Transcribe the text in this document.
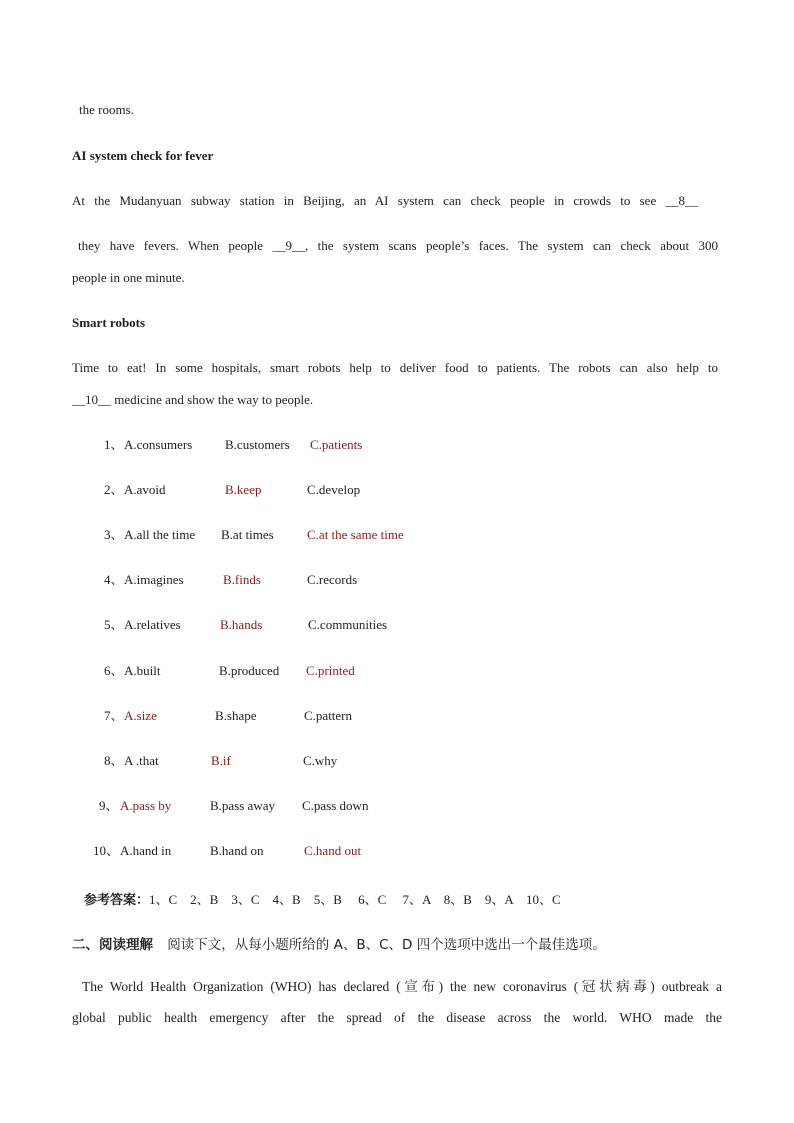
the rooms.
AI system check for fever
At the Mudanyuan subway station in Beijing, an AI system can check people in crowds to see __8__
they have fevers. When people __9__, the system scans people’s faces. The system can check about 300
people in one minute.
Smart robots
Time to eat! In some hospitals, smart robots help to deliver food to patients. The robots can also help to
__10__ medicine and show the way to people.
1、 A.consumers	B.customers C.patients
2、 A.avoid	B.keep	C.develop
3、 A.all the time B.at times	C.at the same time
4、 A.imagines	B.finds	C.records
5、 A.relatives	B.hands	C.communities
6、 A.built	B.produced C.printed
7、 A.size	B.shape	C.pattern
8、 A .that	B.if	C.why
9、 A.pass by	B.pass away C.pass down
10、 A.hand in	B.hand on	C.hand out
参考答案：1、C    2、B    3、C    4、B    5、B     6、C     7、A    8、B    9、A    10、C
二、阅读理解 阅读下文，从每小题所给的 A、B、C、D 四个选项中选出一个最佳选项。
The World Health Organization (WHO) has declared (宣布) the new coronavirus (冠状病毒) outbreak a
global public health emergency after the spread of the disease across the world. WHO made the
